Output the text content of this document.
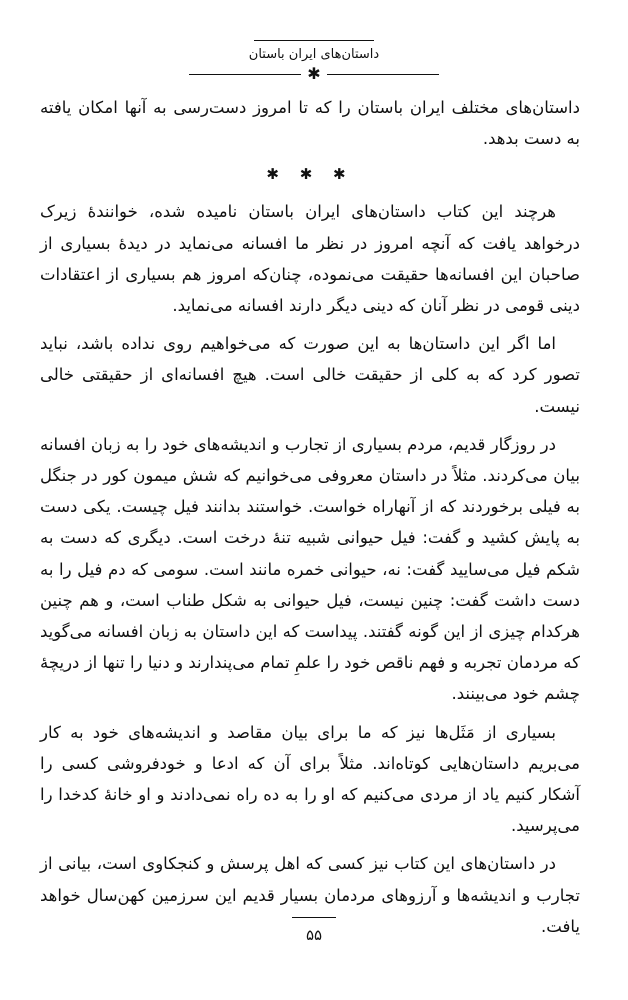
داستان‌های ایران باستان
✱

داستان‌های مختلف ایران باستان را که تا امروز دست‌رسی به آنها امکان یافته به دست بدهد.

✱ ✱ ✱

هرچند این کتاب داستان‌های ایران باستان نامیده شده، خوانندهٔ زیرک درخواهد یافت که آنچه امروز در نظر ما افسانه می‌نماید در دیدهٔ بسیاری از صاحبان این افسانه‌ها حقیقت می‌نموده، چنان‌که امروز هم بسیاری از اعتقادات دینی قومی در نظر آنان که دینی دیگر دارند افسانه می‌نماید.

اما اگر این داستان‌ها به این صورت که می‌خواهیم روی نداده باشد، نباید تصور کرد که به کلی از حقیقت خالی است. هیچ افسانه‌ای از حقیقتی خالی نیست.

در روزگار قدیم، مردم بسیاری از تجارب و اندیشه‌های خود را به زبان افسانه بیان می‌کردند. مثلاً در داستان معروفی می‌خوانیم که شش میمون کور در جنگل به فیلی برخوردند که از آنهاراه خواست. خواستند بدانند فیل چیست. یکی دست به پایش کشید و گفت: فیل حیوانی شبیه تنهٔ درخت است. دیگری که دست به شکم فیل می‌سایید گفت: نه، حیوانی خمره مانند است. سومی که دم فیل را به دست داشت گفت: چنین نیست، فیل حیوانی به شکل طناب است، و هم چنین هرکدام چیزی از این گونه گفتند. پیداست که این داستان به زبان افسانه می‌گوید که مردمان تجربه و فهم ناقص خود را علمِ تمام می‌پندارند و دنیا را تنها از دریچهٔ چشم خود می‌بینند.

بسیاری از مَثَل‌ها نیز که ما برای بیان مقاصد و اندیشه‌های خود به کار می‌بریم داستان‌هایی کوتاه‌اند. مثلاً برای آن که ادعا و خودفروشی کسی را آشکار کنیم یاد از مردی می‌کنیم که او را به ده راه نمی‌دادند و او خانهٔ کدخدا را می‌پرسید.

در داستان‌های این کتاب نیز کسی که اهل پرسش و کنجکاوی است، بیانی از تجارب و اندیشه‌ها و آرزوهای مردمان بسیار قدیم این سرزمین کهن‌سال خواهد یافت.

۵۵
